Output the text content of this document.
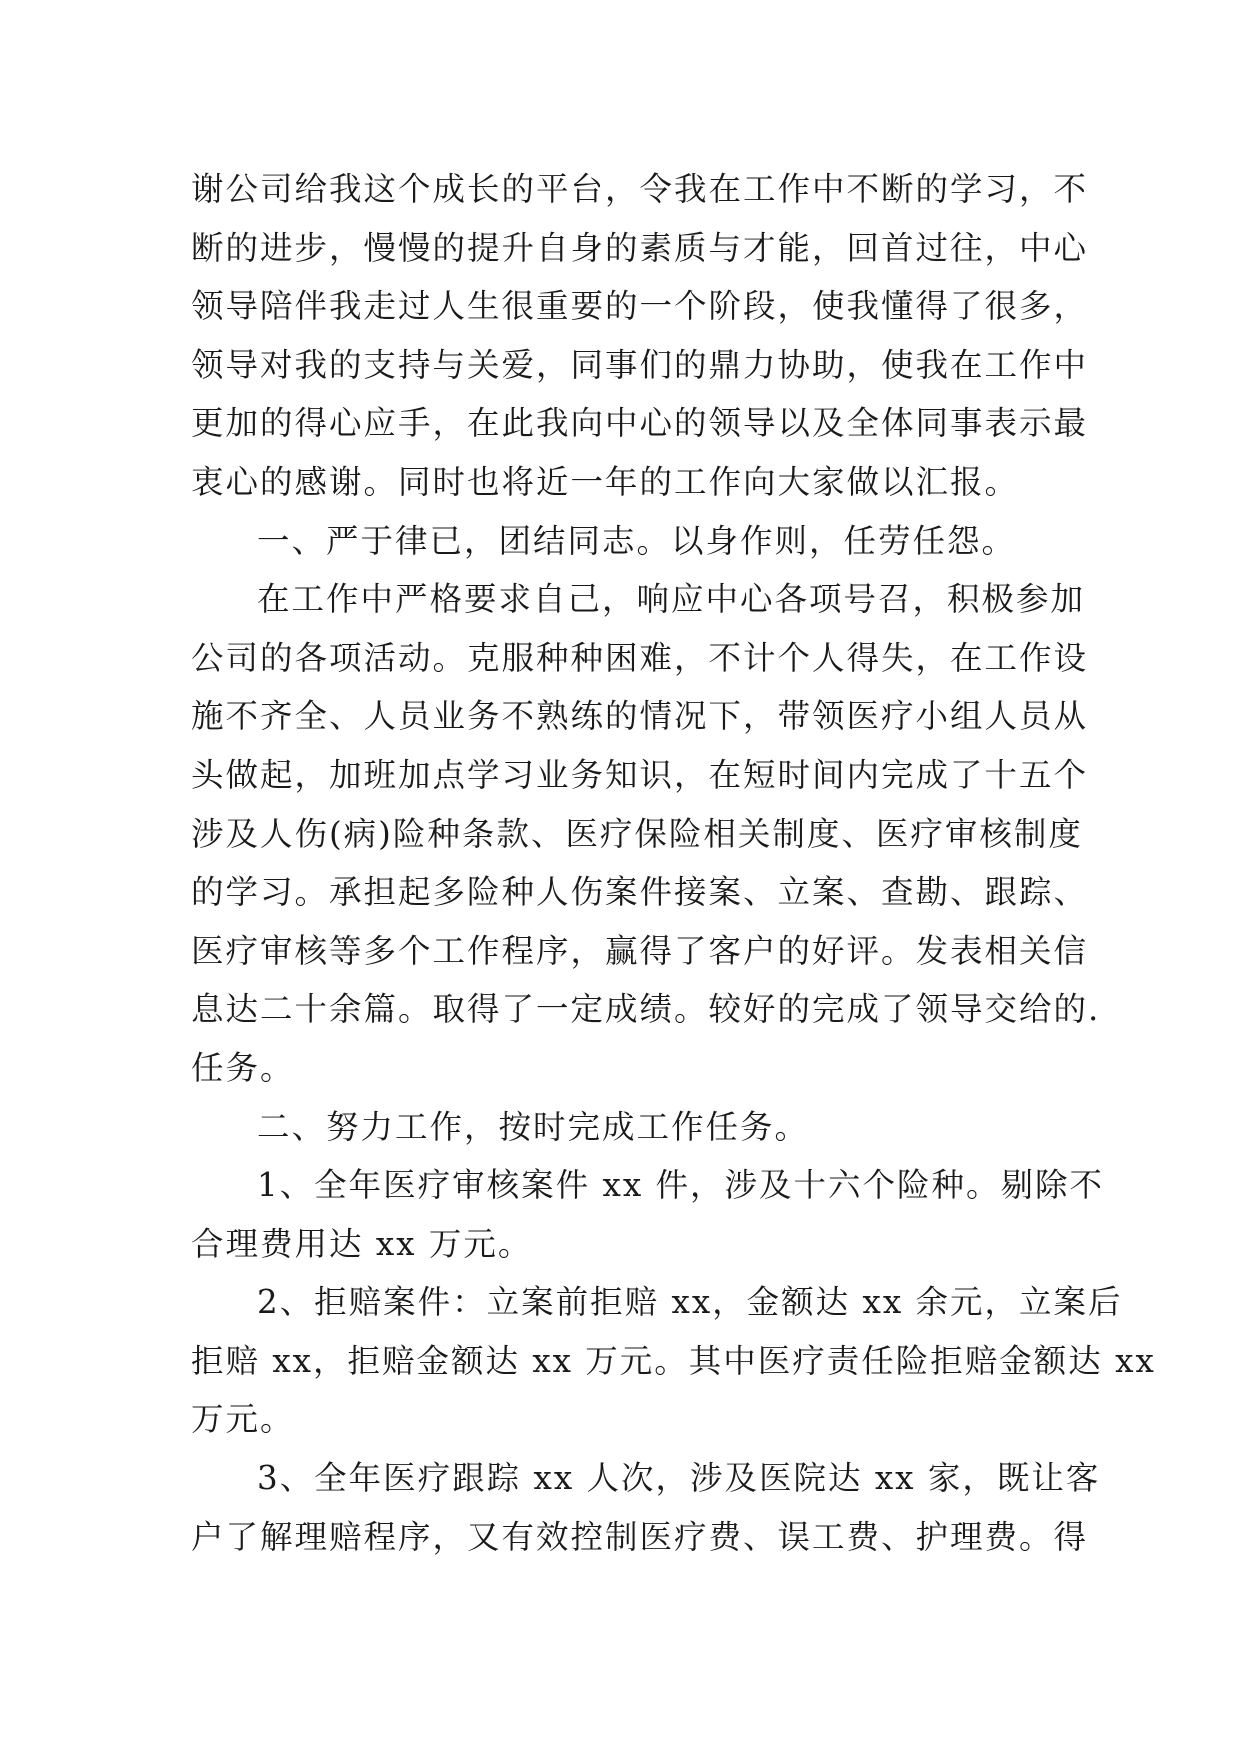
谢公司给我这个成长的平台，令我在工作中不断的学习，不
断的进步，慢慢的提升自身的素质与才能，回首过往，中心
领导陪伴我走过人生很重要的一个阶段，使我懂得了很多，
领导对我的支持与关爱，同事们的鼎力协助，使我在工作中
更加的得心应手，在此我向中心的领导以及全体同事表示最
衷心的感谢。同时也将近一年的工作向大家做以汇报。
一、严于律已，团结同志。以身作则，任劳任怨。
在工作中严格要求自己，响应中心各项号召，积极参加
公司的各项活动。克服种种困难，不计个人得失，在工作设
施不齐全、人员业务不熟练的情况下，带领医疗小组人员从
头做起，加班加点学习业务知识，在短时间内完成了十五个
涉及人伤(病)险种条款、医疗保险相关制度、医疗审核制度
的学习。承担起多险种人伤案件接案、立案、查勘、跟踪、
医疗审核等多个工作程序，赢得了客户的好评。发表相关信
息达二十余篇。取得了一定成绩。较好的完成了领导交给的.
任务。
二、努力工作，按时完成工作任务。
1、全年医疗审核案件 xx 件，涉及十六个险种。剔除不
合理费用达 xx 万元。
2、拒赔案件：立案前拒赔 xx，金额达 xx 余元，立案后
拒赔 xx，拒赔金额达 xx 万元。其中医疗责任险拒赔金额达 xx
万元。
3、全年医疗跟踪 xx 人次，涉及医院达 xx 家，既让客
户了解理赔程序，又有效控制医疗费、误工费、护理费。得
